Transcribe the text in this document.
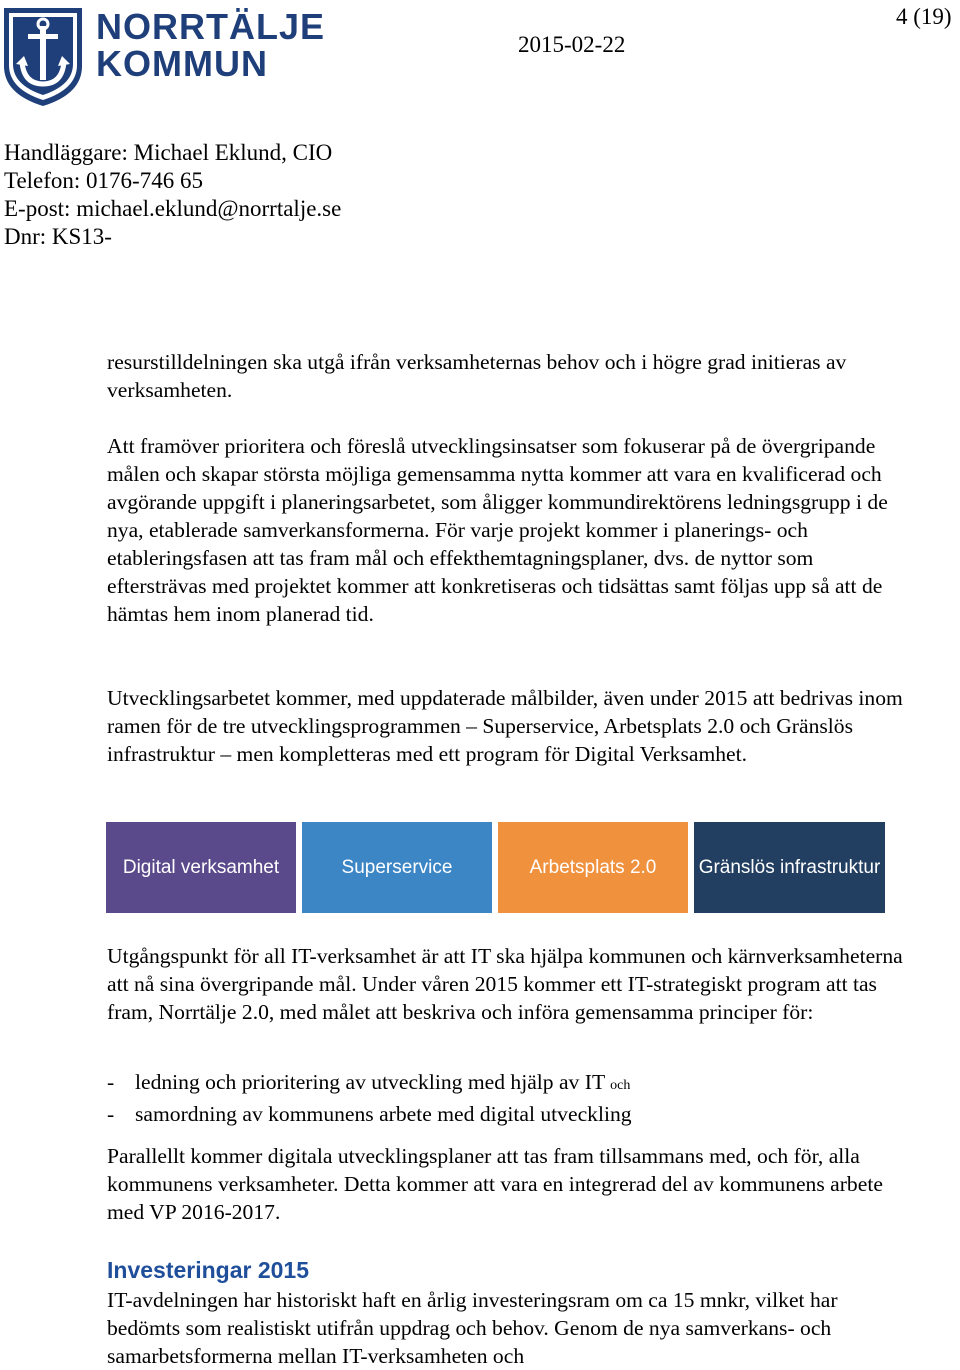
NORRTÄLJE
KOMMUN	2015-02-22
4 (19)
Handläggare: Michael Eklund, CIO
Telefon: 0176-746 65
E-post: michael.eklund@norrtalje.se
Dnr: KS13-

resurstilldelningen ska utgå ifrån verksamheternas behov och i högre grad initieras av verksamheten.

Att framöver prioritera och föreslå utvecklingsinsatser som fokuserar på de övergripande målen och skapar största möjliga gemensamma nytta kommer att vara en kvalificerad och avgörande uppgift i planeringsarbetet, som åligger kommundirektörens ledningsgrupp i de nya, etablerade samverkansformerna. För varje projekt kommer i planerings- och etableringsfasen att tas fram mål och effekthemtagningsplaner, dvs. de nyttor som eftersträvas med projektet kommer att konkretiseras och tidsättas samt följas upp så att de hämtas hem inom planerad tid.

Utvecklingsarbetet kommer, med uppdaterade målbilder, även under 2015 att bedrivas inom ramen för de tre utvecklingsprogrammen – Superservice, Arbetsplats 2.0 och Gränslös infrastruktur – men kompletteras med ett program för Digital Verksamhet.

Digital verksamhet	Superservice	Arbetsplats 2.0 Gränslös infrastruktur

Utgångspunkt för all IT-verksamhet är att IT ska hjälpa kommunen och kärnverksamheterna att nå sina övergripande mål. Under våren 2015 kommer ett IT-strategiskt program att tas fram, Norrtälje 2.0, med målet att beskriva och införa gemensamma principer för:

- ledning och prioritering av utveckling med hjälp av IT och
- samordning av kommunens arbete med digital utveckling

Parallellt kommer digitala utvecklingsplaner att tas fram tillsammans med, och för, alla kommunens verksamheter. Detta kommer att vara en integrerad del av kommunens arbete med VP 2016-2017.

Investeringar 2015

IT-avdelningen har historiskt haft en årlig investeringsram om ca 15 mnkr, vilket har bedömts som realistiskt utifrån uppdrag och behov. Genom de nya samverkans- och samarbetsformerna mellan IT-verksamheten och
